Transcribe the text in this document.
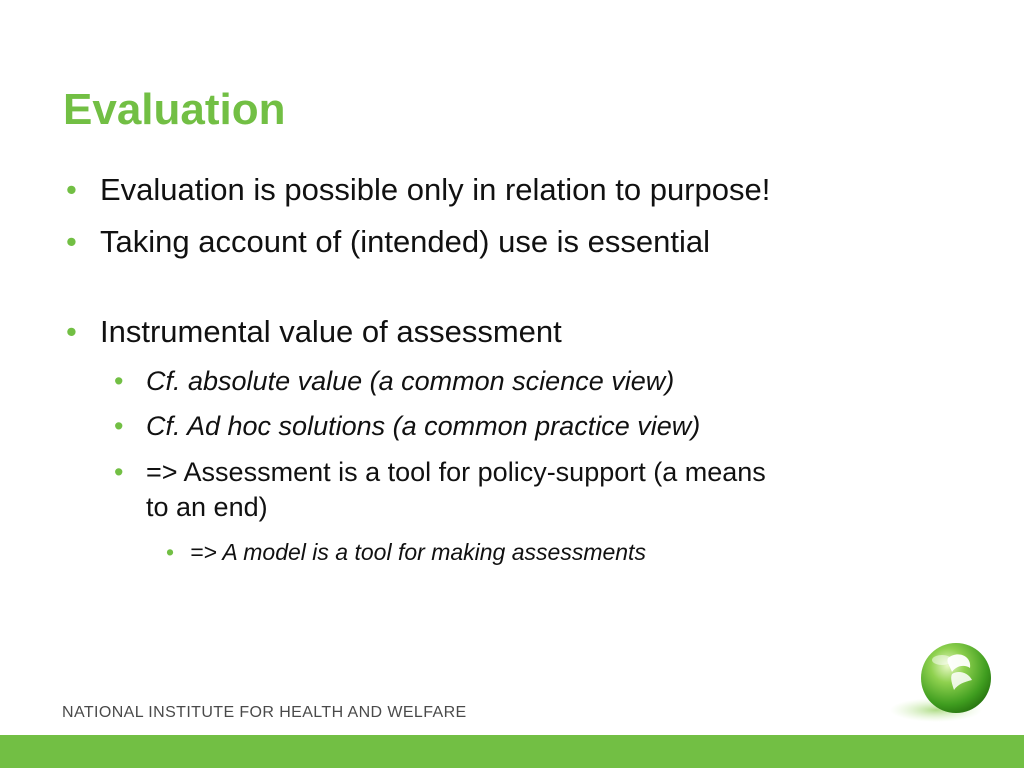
Evaluation
• Evaluation is possible only in relation to purpose!
• Taking account of (intended) use is essential
• Instrumental value of assessment
• Cf. absolute value (a common science view)
• Cf. Ad hoc solutions (a common practice view)
• => Assessment is a tool for policy-support (a means
to an end)
• => A model is a tool for making assessments
NATIONAL INSTITUTE FOR HEALTH AND WELFARE
